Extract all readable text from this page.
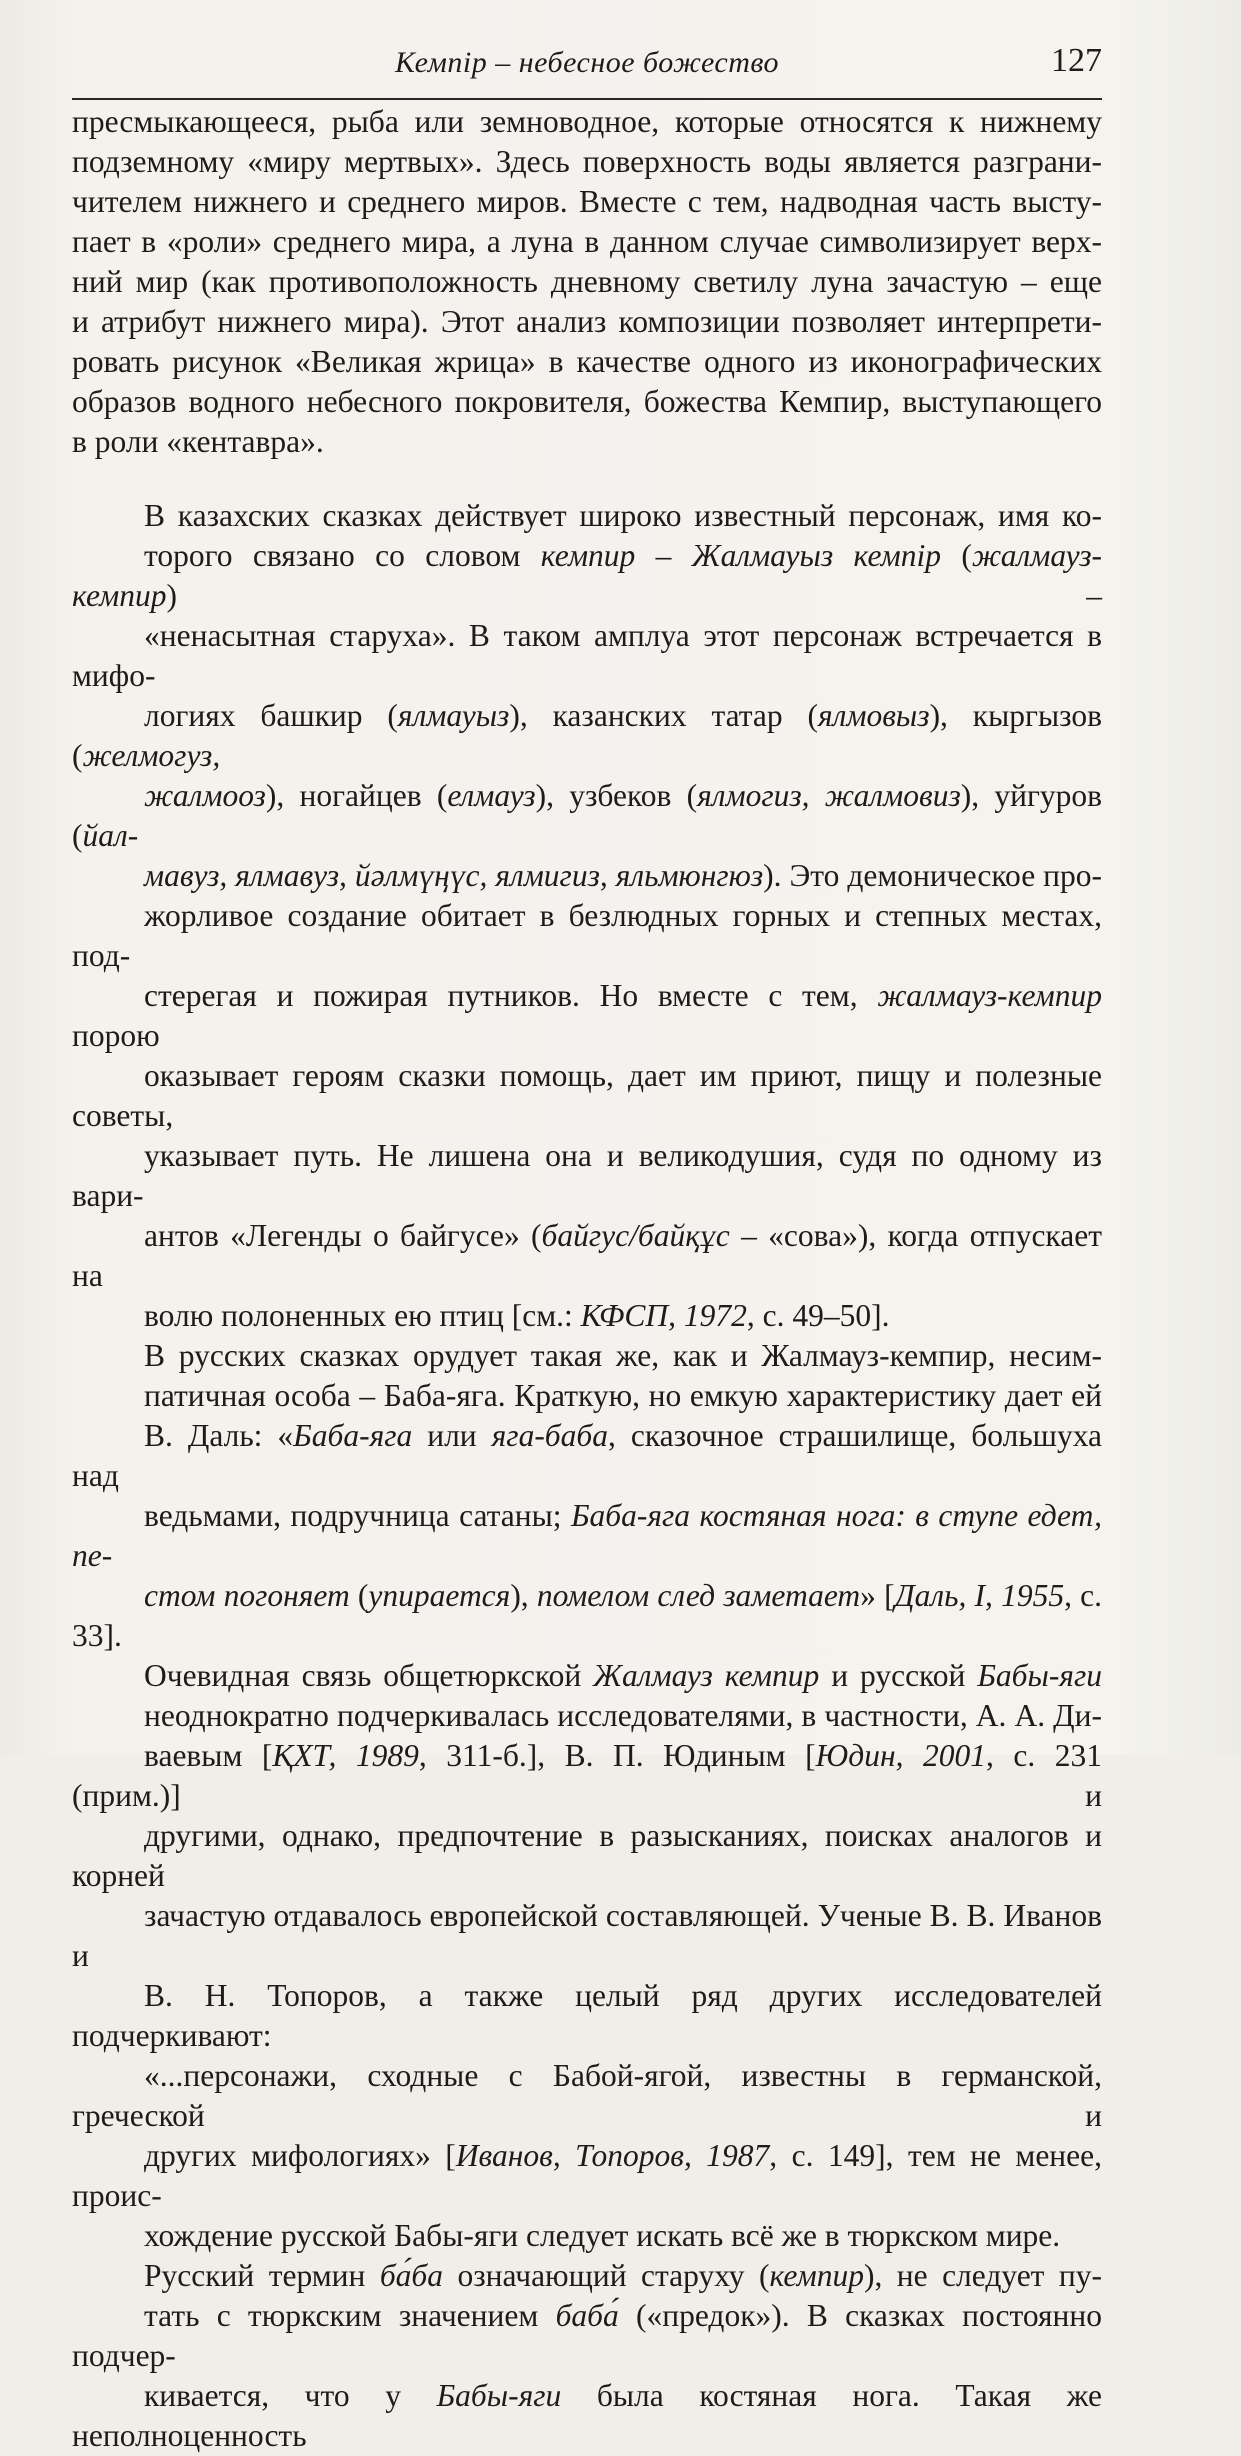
Кемпір – небесное божество	127

пресмыкающееся, рыба или земноводное, которые относятся к нижнему
подземному «миру мертвых». Здесь поверхность воды является разграни-
чителем нижнего и среднего миров. Вместе с тем, надводная часть высту-
пает в «роли» среднего мира, а луна в данном случае символизирует верх-
ний мир (как противоположность дневному светилу луна зачастую – еще
и атрибут нижнего мира). Этот анализ композиции позволяет интерпрети-
ровать рисунок «Великая жрица» в качестве одного из иконографических
образов водного небесного покровителя, божества Кемпир, выступающего
в роли «кентавра».

В казахских сказках действует широко известный персонаж, имя ко-
торого связано со словом кемпир – Жалмауыз кемпір (жалмауз-кемпир) –
«ненасытная старуха». В таком амплуа этот персонаж встречается в мифо-
логиях башкир (ялмауыз), казанских татар (ялмовыз), кыргызов (желмогуз,
жалмооз), ногайцев (елмауз), узбеков (ялмогиз, жалмовиз), уйгуров (йал-
мавуз, ялмавуз, йәлмүңүс, ялмигиз, яльмюнгюз). Это демоническое про-
жорливое создание обитает в безлюдных горных и степных местах, под-
стерегая и пожирая путников. Но вместе с тем, жалмауз-кемпир порою
оказывает героям сказки помощь, дает им приют, пищу и полезные советы,
указывает путь. Не лишена она и великодушия, судя по одному из вари-
антов «Легенды о байгусе» (байгус/байқұс – «сова»), когда отпускает на
волю полоненных ею птиц [см.: КФСП, 1972, с. 49–50].

В русских сказках орудует такая же, как и Жалмауз-кемпир, несим-
патичная особа – Баба-яга. Краткую, но емкую характеристику дает ей
В. Даль: «Баба-яга или яга-баба, сказочное страшилище, большуха над
ведьмами, подручница сатаны; Баба-яга костяная нога: в ступе едет, пе-
стом погоняет (упирается), помелом след заметает» [Даль, I, 1955, с. 33].

Очевидная связь общетюркской Жалмауз кемпир и русской Бабы-яги
неоднократно подчеркивалась исследователями, в частности, А. А. Ди-
ваевым [ҚХТ, 1989, 311-б.], В. П. Юдиным [Юдин, 2001, с. 231 (прим.)] и
другими, однако, предпочтение в разысканиях, поисках аналогов и корней
зачастую отдавалось европейской составляющей. Ученые В. В. Иванов и
В. Н. Топоров, а также целый ряд других исследователей подчеркивают:
«...персонажи, сходные с Бабой-ягой, известны в германской, греческой и
других мифологиях» [Иванов, Топоров, 1987, с. 149], тем не менее, проис-
хождение русской Бабы-яги следует искать всё же в тюркском мире.

Русский термин ба́ба означающий старуху (кемпир), не следует пу-
тать с тюркским значением баба́ («предок»). В сказках постоянно подчер-
кивается, что у Бабы-яги была костяная нога. Такая же неполноценность
